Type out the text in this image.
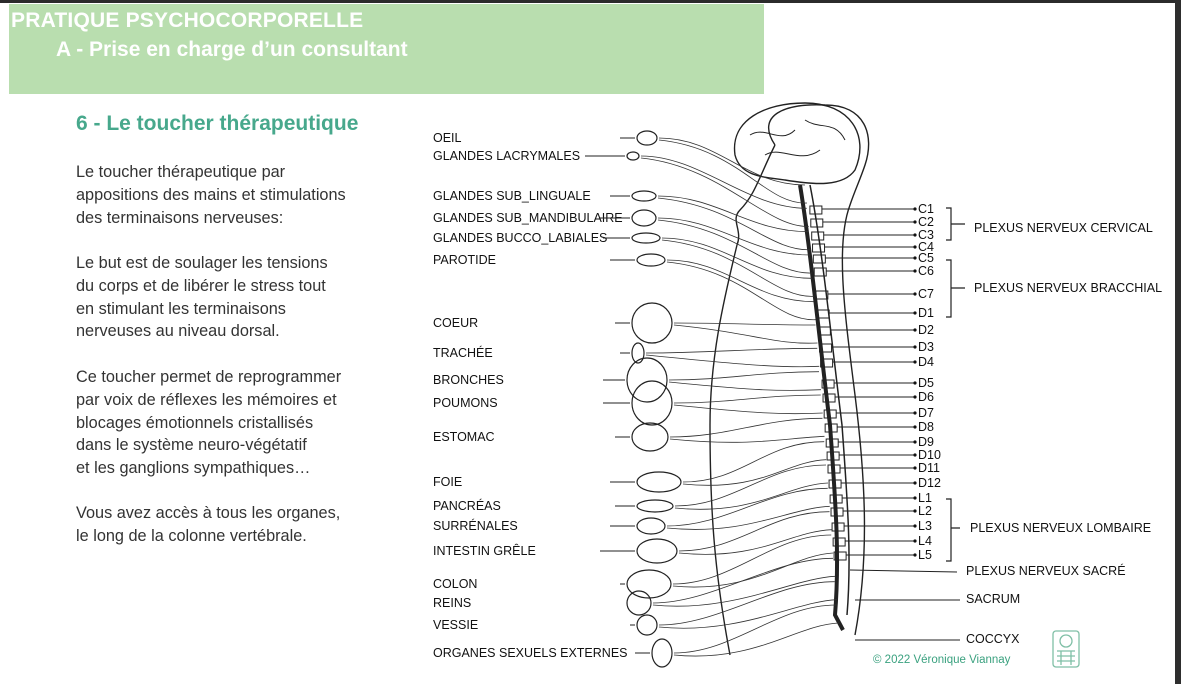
PRATIQUE PSYCHOCORPORELLE
A - Prise en charge d’un consultant
6 - Le toucher thérapeutique
Le toucher thérapeutique par
appositions des mains et stimulations
des terminaisons nerveuses:
Le but est de soulager les tensions
du corps et de libérer le stress tout
en stimulant les terminaisons
nerveuses au niveau dorsal.
Ce toucher permet de reprogrammer
par voix de réflexes les mémoires et
blocages émotionnels cristallisés
dans le système neuro-végétatif
et les ganglions sympathiques…
Vous avez accès à tous les organes,
le long de la colonne vertébrale.
OEIL
GLANDES LACRYMALES
GLANDES SUB_LINGUALE
GLANDES SUB_MANDIBULAIRE
GLANDES BUCCO_LABIALES
PAROTIDE
COEUR
TRACHÉE
BRONCHES
POUMONS
ESTOMAC
FOIE
PANCRÉAS
SURRÉNALES
INTESTIN GRÊLE
COLON
REINS
VESSIE
ORGANES SEXUELS EXTERNES
C1
C2
C3
C4
C5
C6
C7
D1
D2
D3
D4
D5
D6
D7
D8
D9
D10
D11
D12
L1
L2
L3
L4
L5
PLEXUS NERVEUX CERVICAL
PLEXUS NERVEUX BRACCHIAL
PLEXUS NERVEUX LOMBAIRE
PLEXUS NERVEUX SACRÉ
SACRUM
COCCYX
© 2022 Véronique Viannay
